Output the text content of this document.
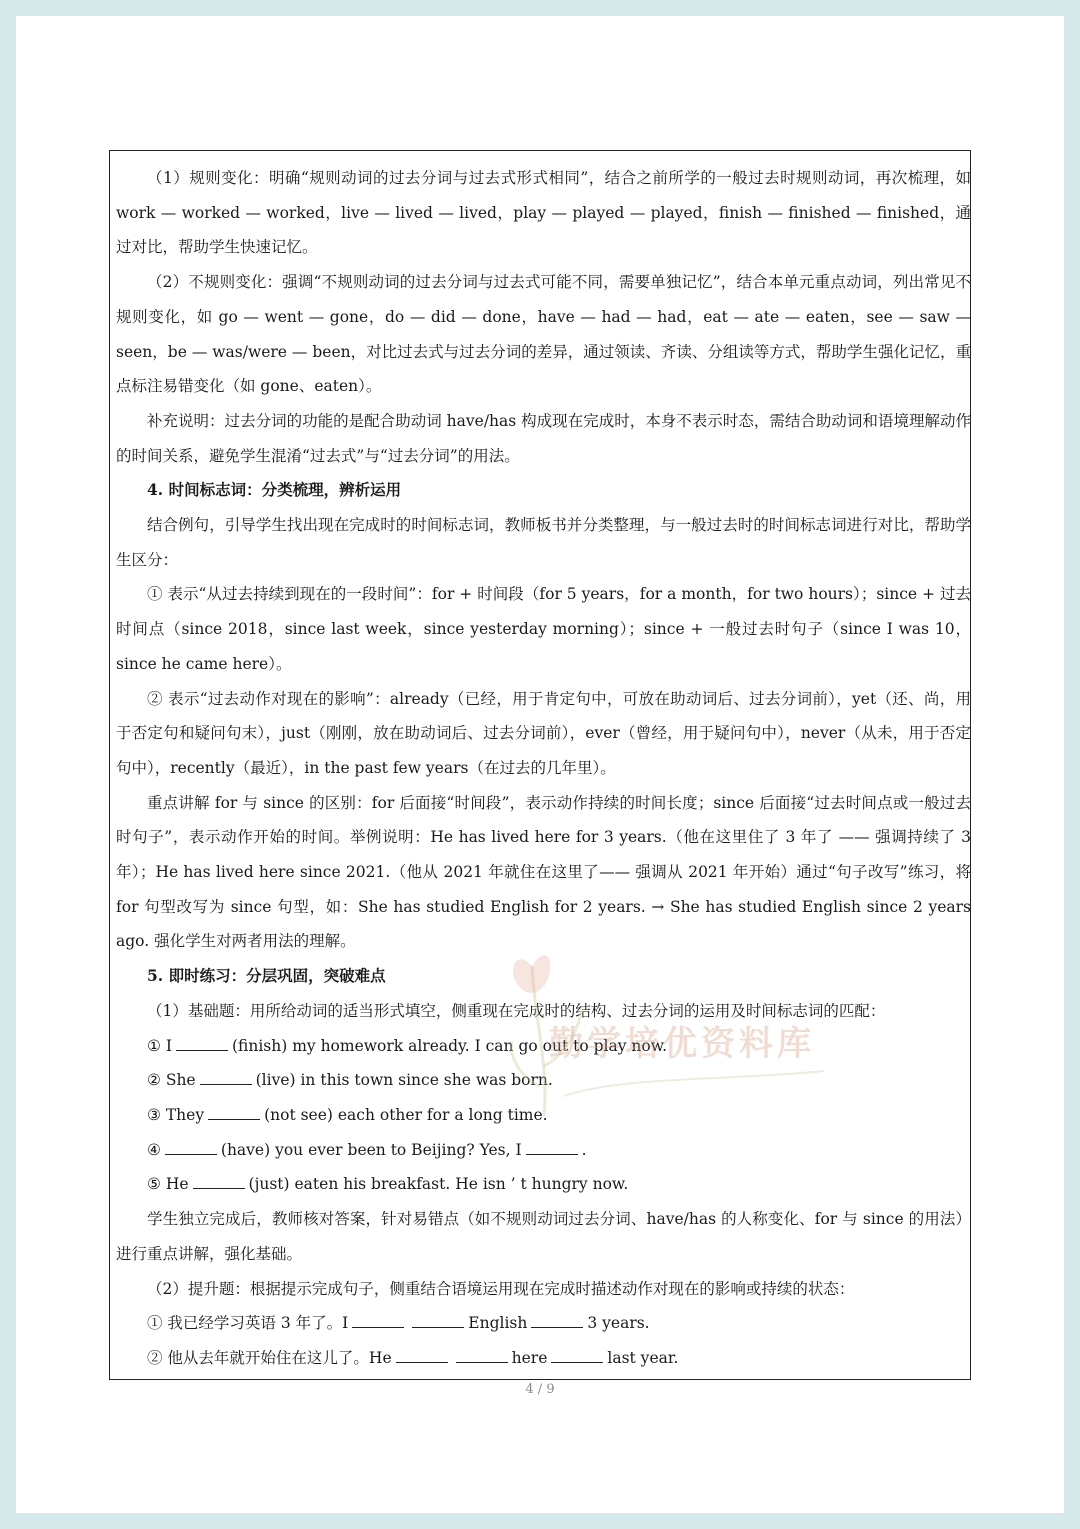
（1）规则变化：明确“规则动词的过去分词与过去式形式相同”，结合之前所学的一般过去时规则动词，再次梳理，如 work — worked — worked，live — lived — lived，play — played — played，finish — finished — finished，通过对比，帮助学生快速记忆。

（2）不规则变化：强调“不规则动词的过去分词与过去式可能不同，需要单独记忆”，结合本单元重点动词，列出常见不规则变化，如 go — went — gone，do — did — done，have — had — had，eat — ate — eaten，see — saw — seen，be — was/were — been，对比过去式与过去分词的差异，通过领读、齐读、分组读等方式，帮助学生强化记忆，重点标注易错变化（如 gone、eaten）。

补充说明：过去分词的功能的是配合助动词 have/has 构成现在完成时，本身不表示时态，需结合助动词和语境理解动作的时间关系，避免学生混淆“过去式”与“过去分词”的用法。

4. 时间标志词：分类梳理，辨析运用

结合例句，引导学生找出现在完成时的时间标志词，教师板书并分类整理，与一般过去时的时间标志词进行对比，帮助学生区分：

① 表示“从过去持续到现在的一段时间”：for + 时间段（for 5 years，for a month，for two hours）；since + 过去时间点（since 2018，since last week，since yesterday morning）；since + 一般过去时句子（since I was 10，since he came here）。

② 表示“过去动作对现在的影响”：already（已经，用于肯定句中，可放在助动词后、过去分词前），yet（还、尚，用于否定句和疑问句末），just（刚刚，放在助动词后、过去分词前），ever（曾经，用于疑问句中），never（从未，用于否定句中），recently（最近），in the past few years（在过去的几年里）。

重点讲解 for 与 since 的区别：for 后面接“时间段”，表示动作持续的时间长度；since 后面接“过去时间点或一般过去时句子”，表示动作开始的时间。举例说明：He has lived here for 3 years.（他在这里住了 3 年了 —— 强调持续了 3 年）；He has lived here since 2021.（他从 2021 年就住在这里了—— 强调从 2021 年开始）通过“句子改写”练习，将 for 句型改写为 since 句型，如：She has studied English for 2 years. → She has studied English since 2 years ago. 强化学生对两者用法的理解。

5. 即时练习：分层巩固，突破难点

（1）基础题：用所给动词的适当形式填空，侧重现在完成时的结构、过去分词的运用及时间标志词的匹配：

① I	(finish) my homework already. I can go out to play now.

② She	(live) in this town since she was born.

③ They	(not see) each other for a long time.

④	(have) you ever been to Beijing? Yes, I	.

⑤ He	(just) eaten his breakfast. He isn ’ t hungry now.

学生独立完成后，教师核对答案，针对易错点（如不规则动词过去分词、have/has 的人称变化、for 与 since 的用法）进行重点讲解，强化基础。

（2）提升题：根据提示完成句子，侧重结合语境运用现在完成时描述动作对现在的影响或持续的状态：

① 我已经学习英语 3 年了。I	English	3 years.

② 他从去年就开始住在这儿了。He	here	last year.

勤学培优资料库
4 / 9
